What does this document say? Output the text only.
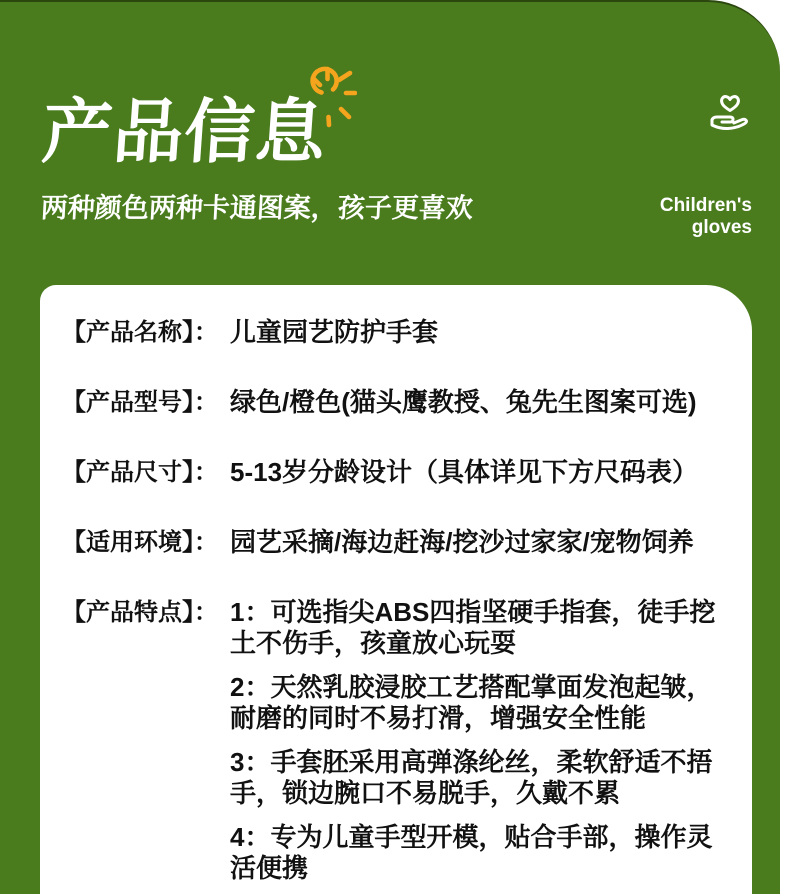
产品信息
两种颜色两种卡通图案，孩子更喜欢	Children's
gloves
【产品名称】： 儿童园艺防护手套
【产品型号】： 绿色/橙色(猫头鹰教授、兔先生图案可选)
【产品尺寸】： 5-13岁分龄设计（具体详见下方尺码表）
【适用环境】： 园艺采摘/海边赶海/挖沙过家家/宠物饲养
【产品特点】： 1：可选指尖ABS四指坚硬手指套，徒手挖土不伤手，孩童放心玩耍

2：天然乳胶浸胶工艺搭配掌面发泡起皱，耐磨的同时不易打滑，增强安全性能

3：手套胚采用高弹涤纶丝，柔软舒适不捂手，锁边腕口不易脱手，久戴不累

4：专为儿童手型开模，贴合手部，操作灵活便携
